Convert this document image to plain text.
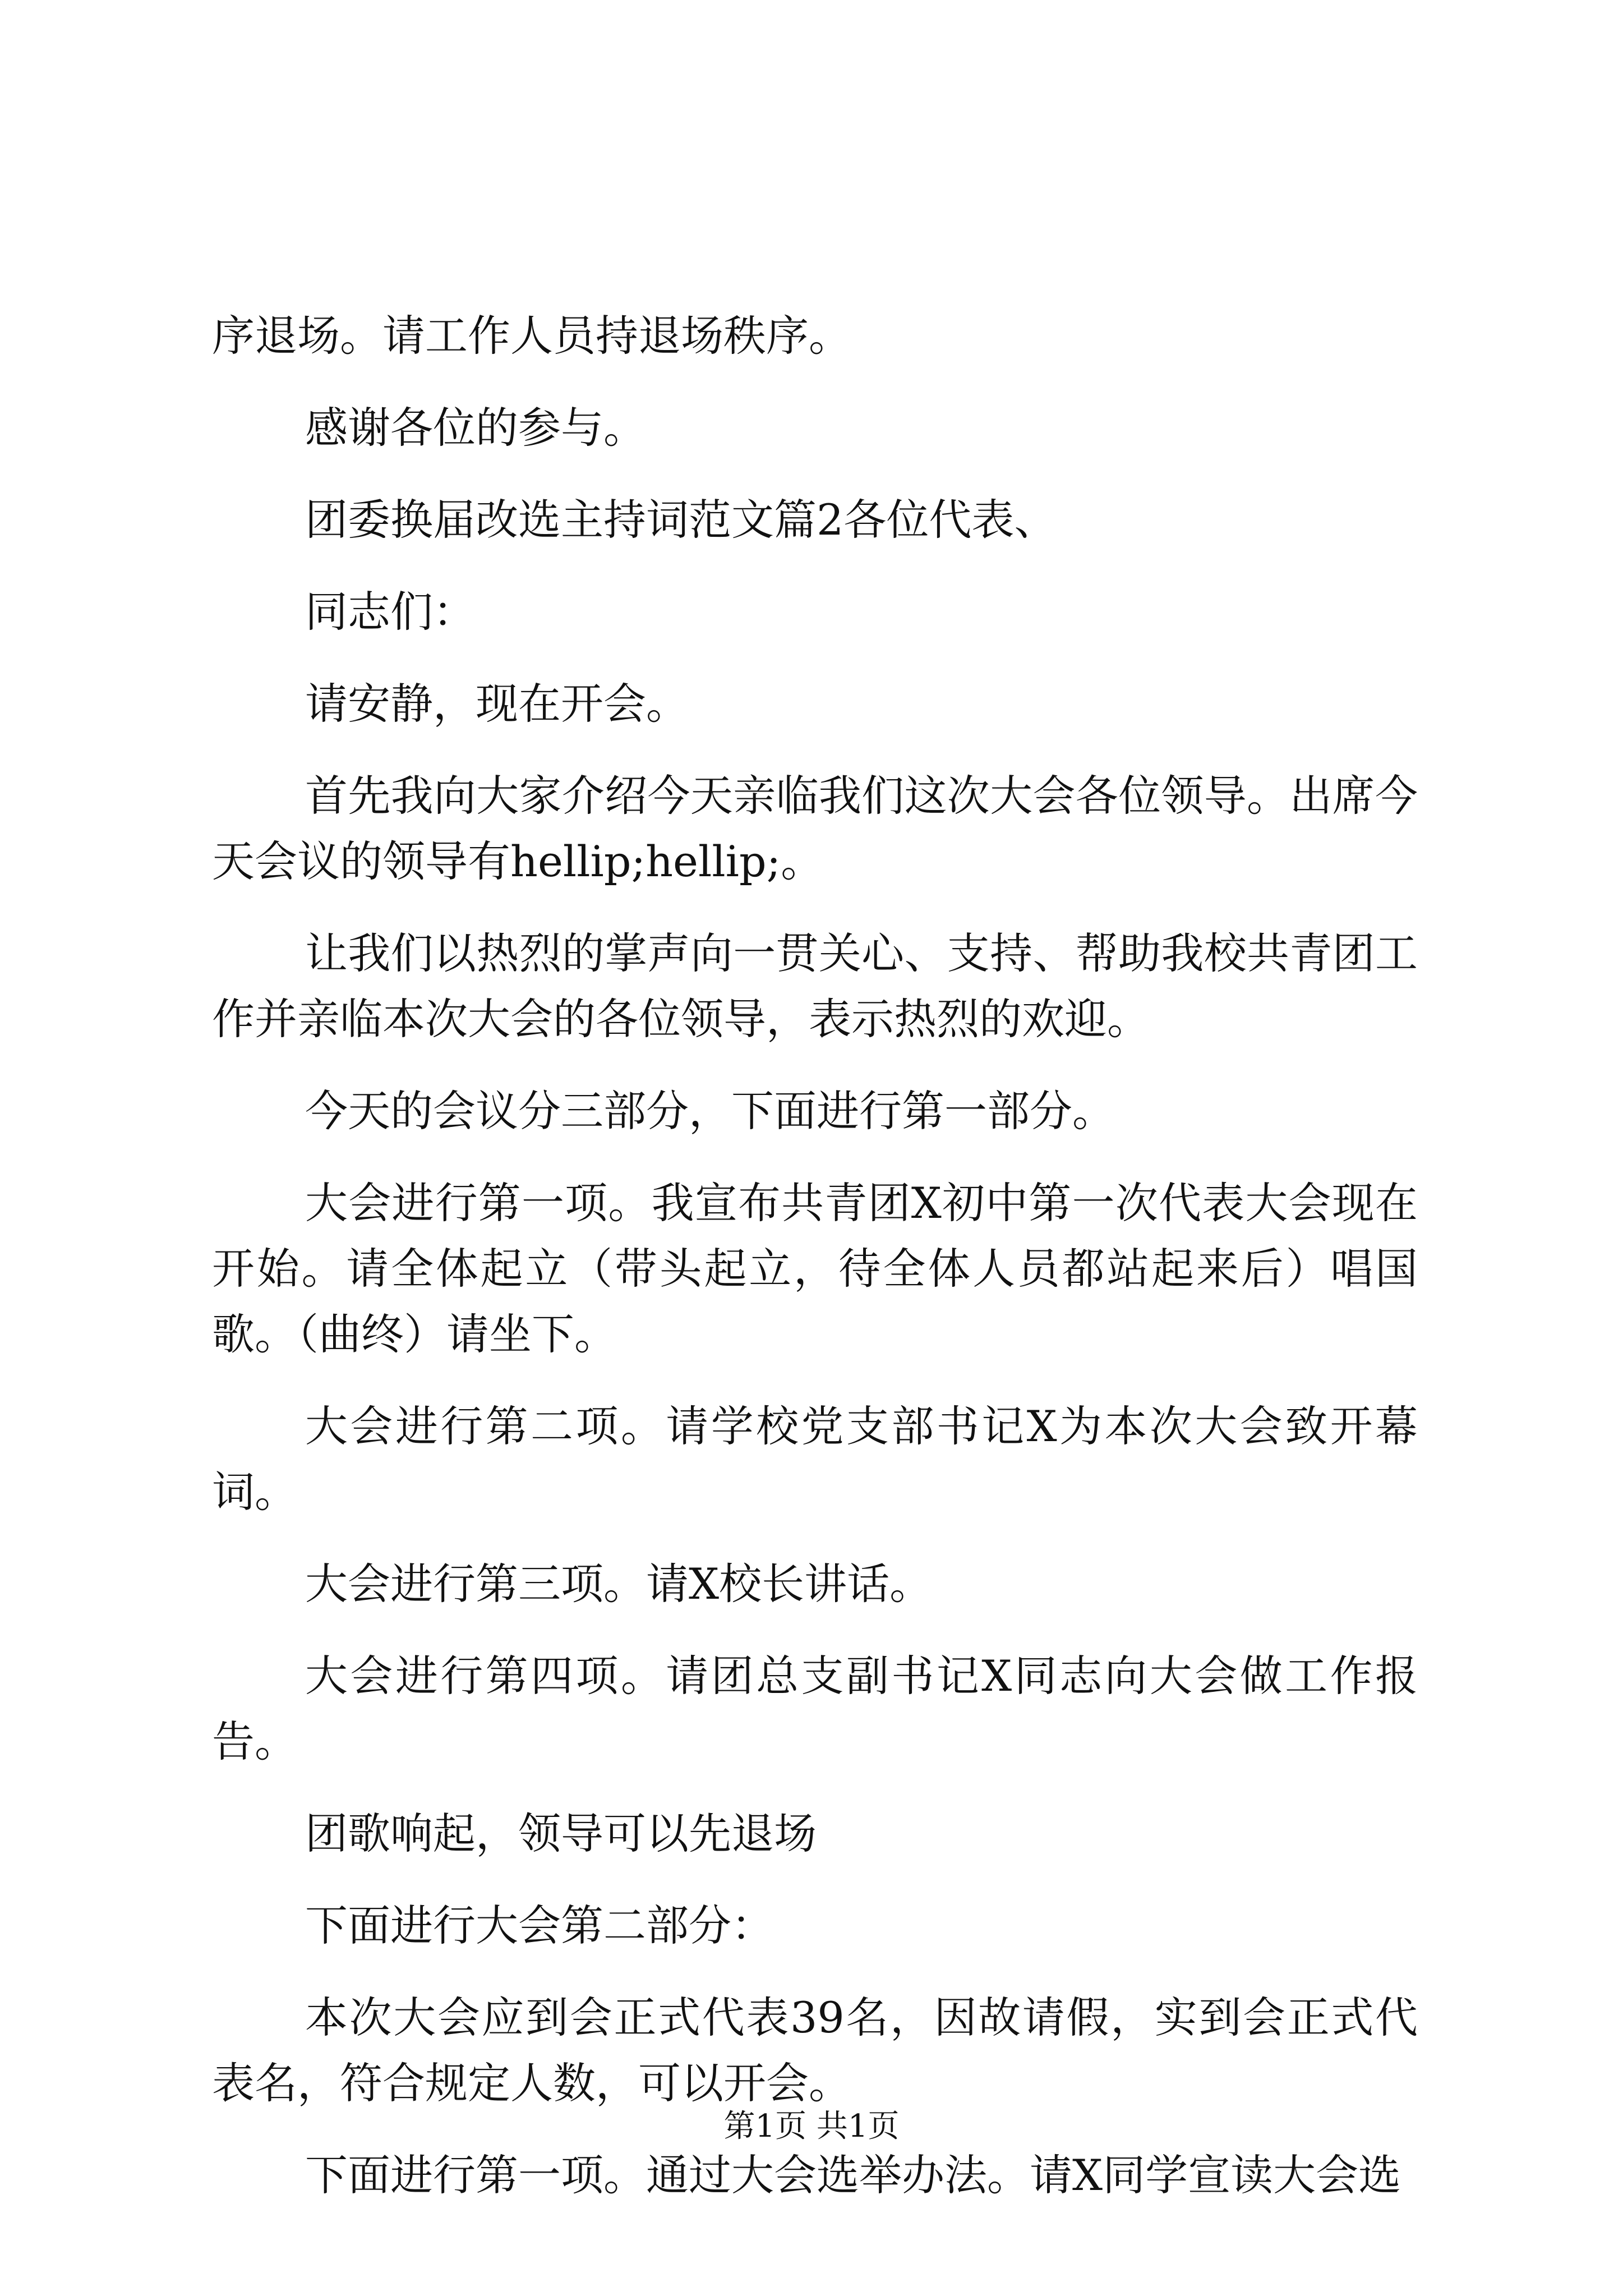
序退场。请工作人员持退场秩序。

感谢各位的参与。

团委换届改选主持词范文篇2各位代表、

同志们：

请安静，现在开会。

首先我向大家介绍今天亲临我们这次大会各位领导。出席今天会议的领导有hellip;hellip;。

让我们以热烈的掌声向一贯关心、支持、帮助我校共青团工作并亲临本次大会的各位领导，表示热烈的欢迎。

今天的会议分三部分，下面进行第一部分。

大会进行第一项。我宣布共青团X初中第一次代表大会现在开始。请全体起立（带头起立，待全体人员都站起来后）唱国歌。（曲终）请坐下。

大会进行第二项。请学校党支部书记X为本次大会致开幕词。

大会进行第三项。请X校长讲话。

大会进行第四项。请团总支副书记X同志向大会做工作报告。

团歌响起，领导可以先退场

下面进行大会第二部分：

本次大会应到会正式代表39名，因故请假，实到会正式代表名，符合规定人数，可以开会。

下面进行第一项。通过大会选举办法。请X同学宣读大会选

第1页 共1页
